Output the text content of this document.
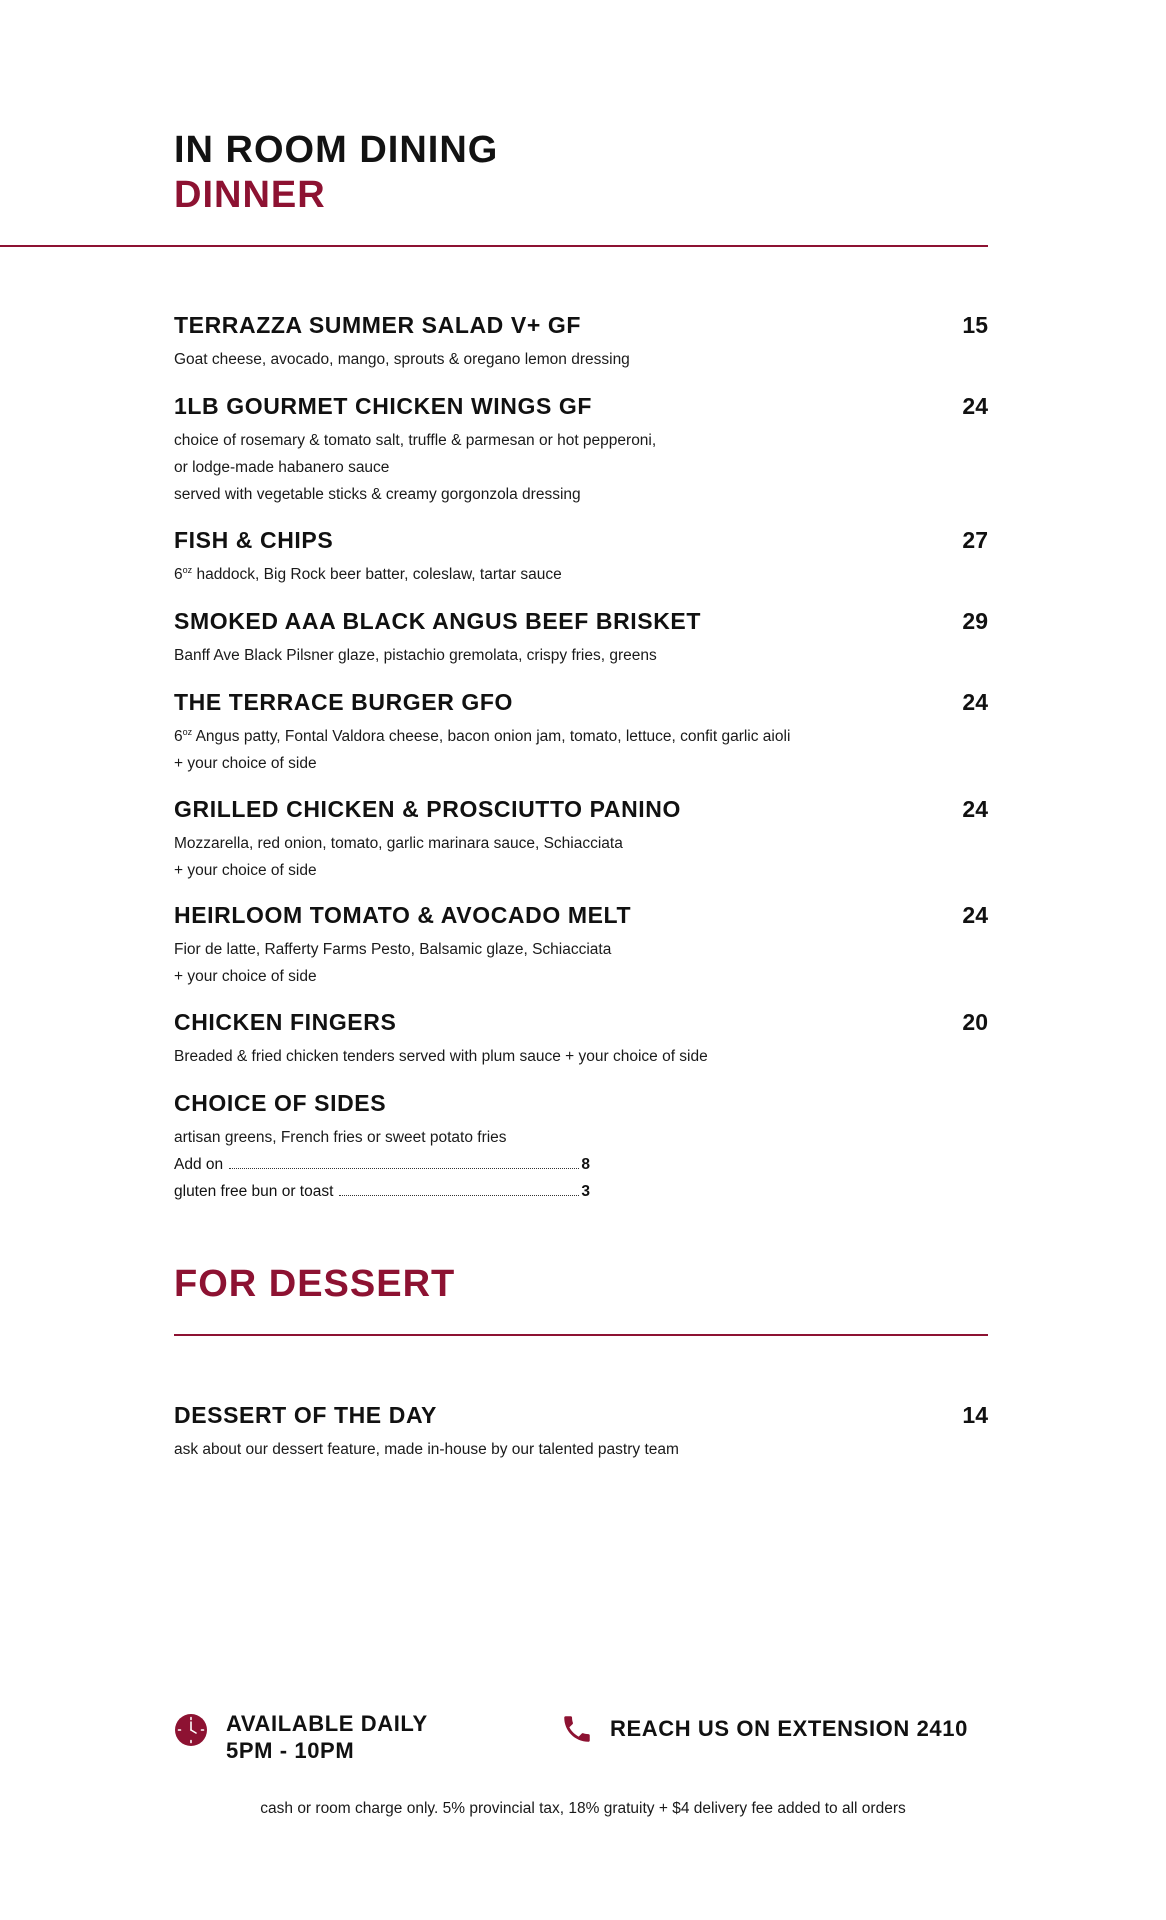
IN ROOM DINING
DINNER
TERRAZZA SUMMER SALAD V+ GF	15
Goat cheese, avocado, mango, sprouts & oregano lemon dressing
1LB GOURMET CHICKEN WINGS GF	24
choice of rosemary & tomato salt, truffle & parmesan or hot pepperoni,
or lodge-made habanero sauce
served with vegetable sticks & creamy gorgonzola dressing
FISH & CHIPS	27
$6^{oz}$ haddock, Big Rock beer batter, coleslaw, tartar sauce
SMOKED AAA BLACK ANGUS BEEF BRISKET	29
Banff Ave Black Pilsner glaze, pistachio gremolata, crispy fries, greens
THE TERRACE BURGER GFO	24
$6^{oz}$ Angus patty, Fontal Valdora cheese, bacon onion jam, tomato, lettuce, confit garlic aioli
+ your choice of side
GRILLED CHICKEN & PROSCIUTTO PANINO	24
Mozzarella, red onion, tomato, garlic marinara sauce, Schiacciata
+ your choice of side
HEIRLOOM TOMATO & AVOCADO MELT	24
Fior de latte, Rafferty Farms Pesto, Balsamic glaze, Schiacciata
+ your choice of side
CHICKEN FINGERS	20
Breaded & fried chicken tenders served with plum sauce + your choice of side
CHOICE OF SIDES
artisan greens, French fries or sweet potato fries
Add on	8
gluten free bun or toast	3
FOR DESSERT
DESSERT OF THE DAY	14
ask about our dessert feature, made in-house by our talented pastry team
AVAILABLE DAILY
5PM - 10PM
REACH US ON EXTENSION 2410
cash or room charge only. 5% provincial tax, 18% gratuity + $4 delivery fee added to all orders
